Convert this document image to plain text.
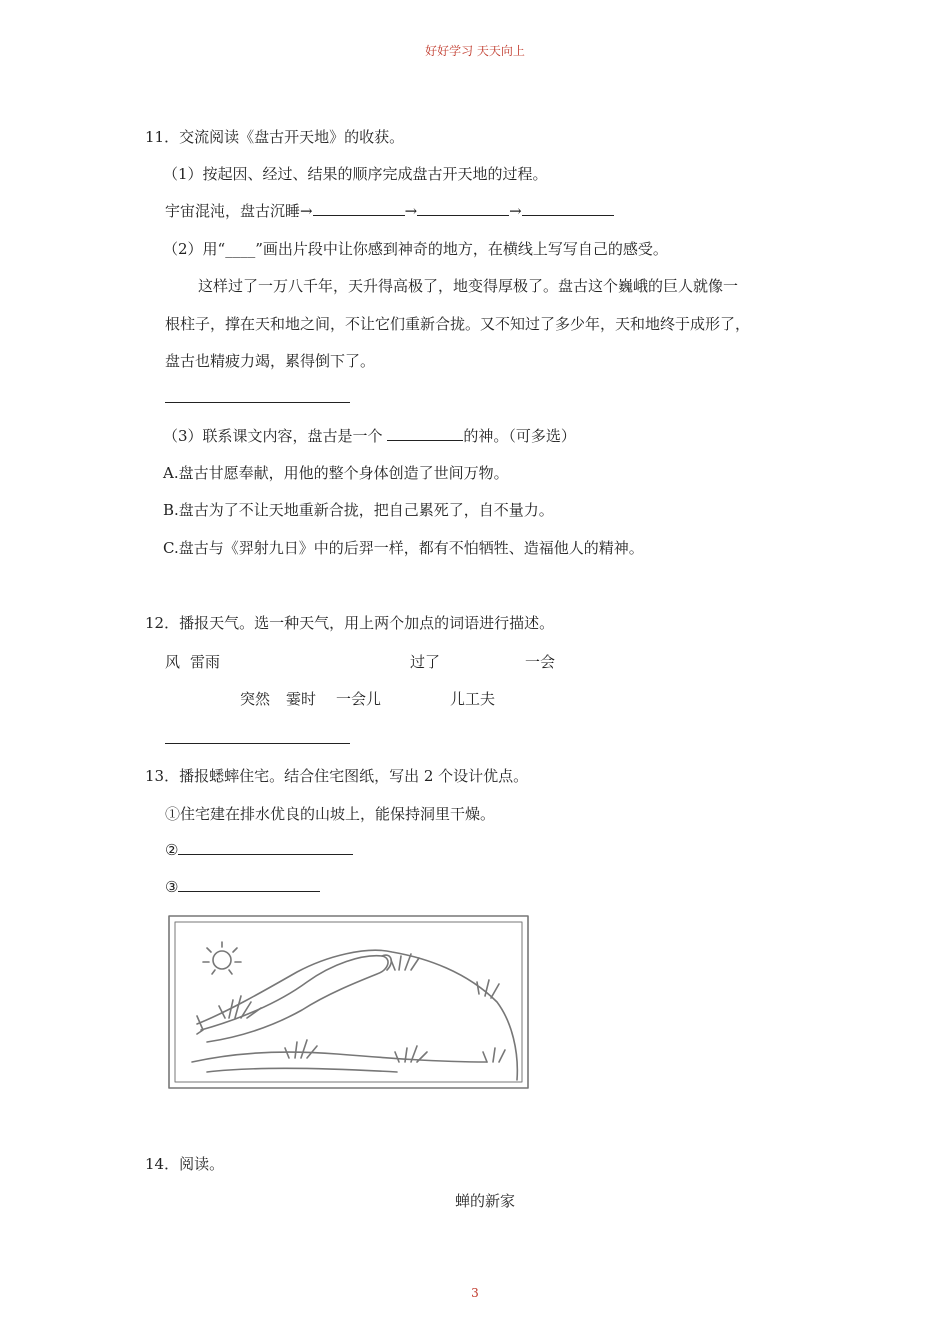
好好学习 天天向上
11．交流阅读《盘古开天地》的收获。
（1）按起因、经过、结果的顺序完成盘古开天地的过程。
宇宙混沌，盘古沉睡→	→	→
（2）用“____”画出片段中让你感到神奇的地方，在横线上写写自己的感受。
这样过了一万八千年，天升得高极了，地变得厚极了。盘古这个巍峨的巨人就像一
根柱子，撑在天和地之间，不让它们重新合拢。又不知过了多少年，天和地终于成形了，
盘古也精疲力竭，累得倒下了。
（3）联系课文内容，盘古是一个	的神。（可多选）
A.盘古甘愿奉献，用他的整个身体创造了世间万物。
B.盘古为了不让天地重新合拢，把自己累死了，自不量力。
C.盘古与《羿射九日》中的后羿一样，都有不怕牺牲、造福他人的精神。
12．播报天气。选一种天气，用上两个加点的词语进行描述。
风 雷雨	过了	一会
突然 霎时 一会儿	儿工夫
13．播报蟋蟀住宅。结合住宅图纸，写出 2 个设计优点。
①住宅建在排水优良的山坡上，能保持洞里干燥。
②
③
14．阅读。
蝉的新家
3
